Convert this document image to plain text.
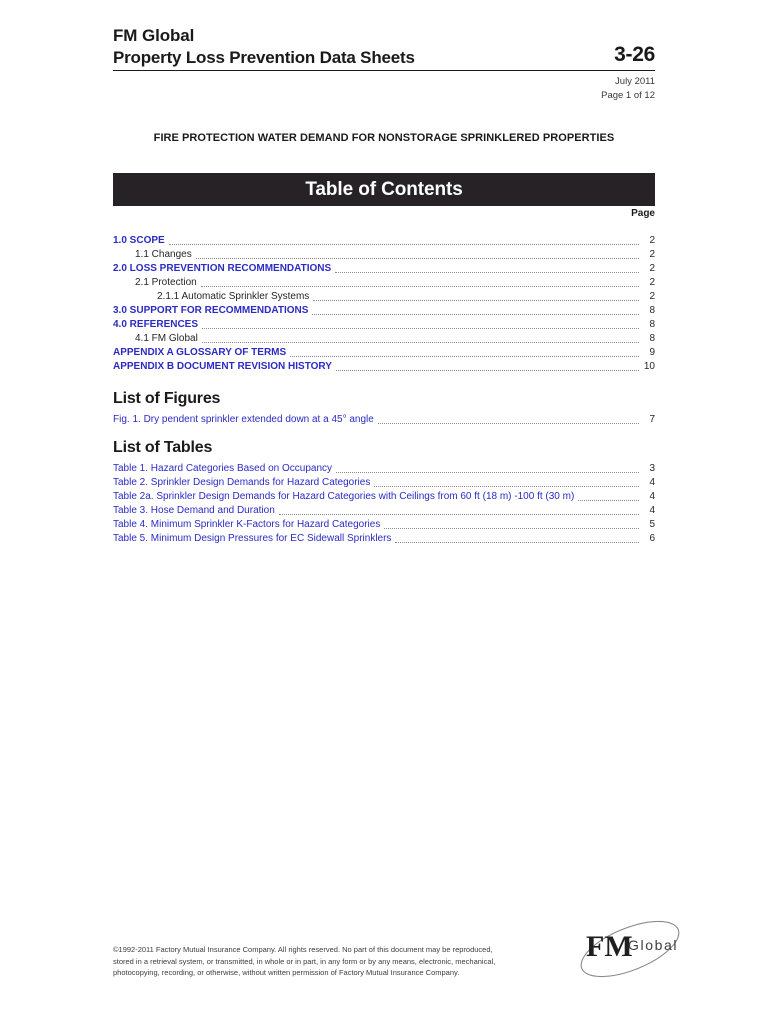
FM Global
Property Loss Prevention Data Sheets	3-26
July 2011
Page 1 of 12
FIRE PROTECTION WATER DEMAND FOR NONSTORAGE SPRINKLERED PROPERTIES
Table of Contents
Page
1.0 SCOPE	2
1.1 Changes	2
2.0 LOSS PREVENTION RECOMMENDATIONS	2
2.1 Protection	2
2.1.1 Automatic Sprinkler Systems	2
3.0 SUPPORT FOR RECOMMENDATIONS	8
4.0 REFERENCES	8
4.1 FM Global	8
APPENDIX A GLOSSARY OF TERMS	9
APPENDIX B DOCUMENT REVISION HISTORY	10
List of Figures
Fig. 1. Dry pendent sprinkler extended down at a 45° angle	7
List of Tables
Table 1. Hazard Categories Based on Occupancy	3
Table 2. Sprinkler Design Demands for Hazard Categories	4
Table 2a. Sprinkler Design Demands for Hazard Categories with Ceilings from 60 ft (18 m) -100 ft (30 m)	4
Table 3. Hose Demand and Duration	4
Table 4. Minimum Sprinkler K-Factors for Hazard Categories	5
Table 5. Minimum Design Pressures for EC Sidewall Sprinklers	6

©1992-2011 Factory Mutual Insurance Company. All rights reserved. No part of this document may be reproduced,

stored in a retrieval system, or transmitted, in whole or in part, in any form or by any means, electronic, mechanical,

photocopying, recording, or otherwise, without written permission of Factory Mutual Insurance Company.

FM
Global
